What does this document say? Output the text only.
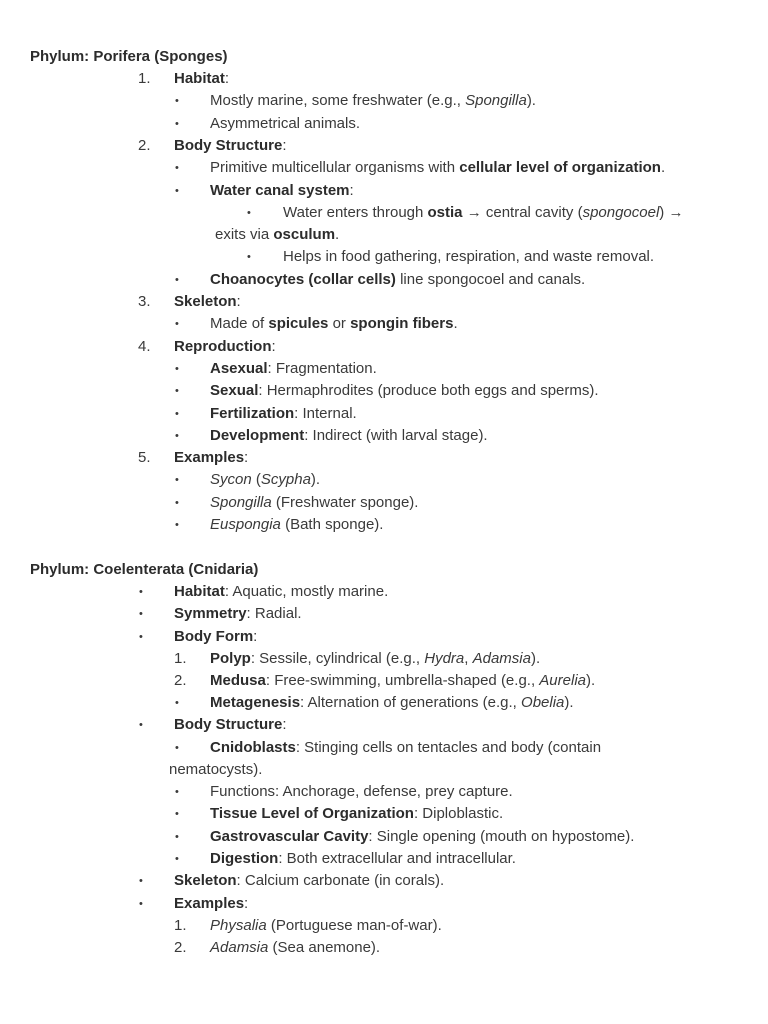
Phylum: Porifera (Sponges)
1. Habitat:
• Mostly marine, some freshwater (e.g., Spongilla).
• Asymmetrical animals.
2. Body Structure:
• Primitive multicellular organisms with cellular level of organization.
• Water canal system:
• Water enters through ostia → central cavity (spongocoel) →
exits via osculum.
• Helps in food gathering, respiration, and waste removal.
• Choanocytes (collar cells) line spongocoel and canals.
3. Skeleton:
• Made of spicules or spongin fibers.
4. Reproduction:
• Asexual: Fragmentation.
• Sexual: Hermaphrodites (produce both eggs and sperms).
• Fertilization: Internal.
• Development: Indirect (with larval stage).
5. Examples:
• Sycon (Scypha).
• Spongilla (Freshwater sponge).
• Euspongia (Bath sponge).
Phylum: Coelenterata (Cnidaria)
• Habitat: Aquatic, mostly marine.
• Symmetry: Radial.
• Body Form:
1. Polyp: Sessile, cylindrical (e.g., Hydra, Adamsia).
2. Medusa: Free-swimming, umbrella-shaped (e.g., Aurelia).
• Metagenesis: Alternation of generations (e.g., Obelia).
• Body Structure:
• Cnidoblasts: Stinging cells on tentacles and body (contain
nematocysts).
• Functions: Anchorage, defense, prey capture.
• Tissue Level of Organization: Diploblastic.
• Gastrovascular Cavity: Single opening (mouth on hypostome).
• Digestion: Both extracellular and intracellular.
• Skeleton: Calcium carbonate (in corals).
• Examples:
1. Physalia (Portuguese man-of-war).
2. Adamsia (Sea anemone).
